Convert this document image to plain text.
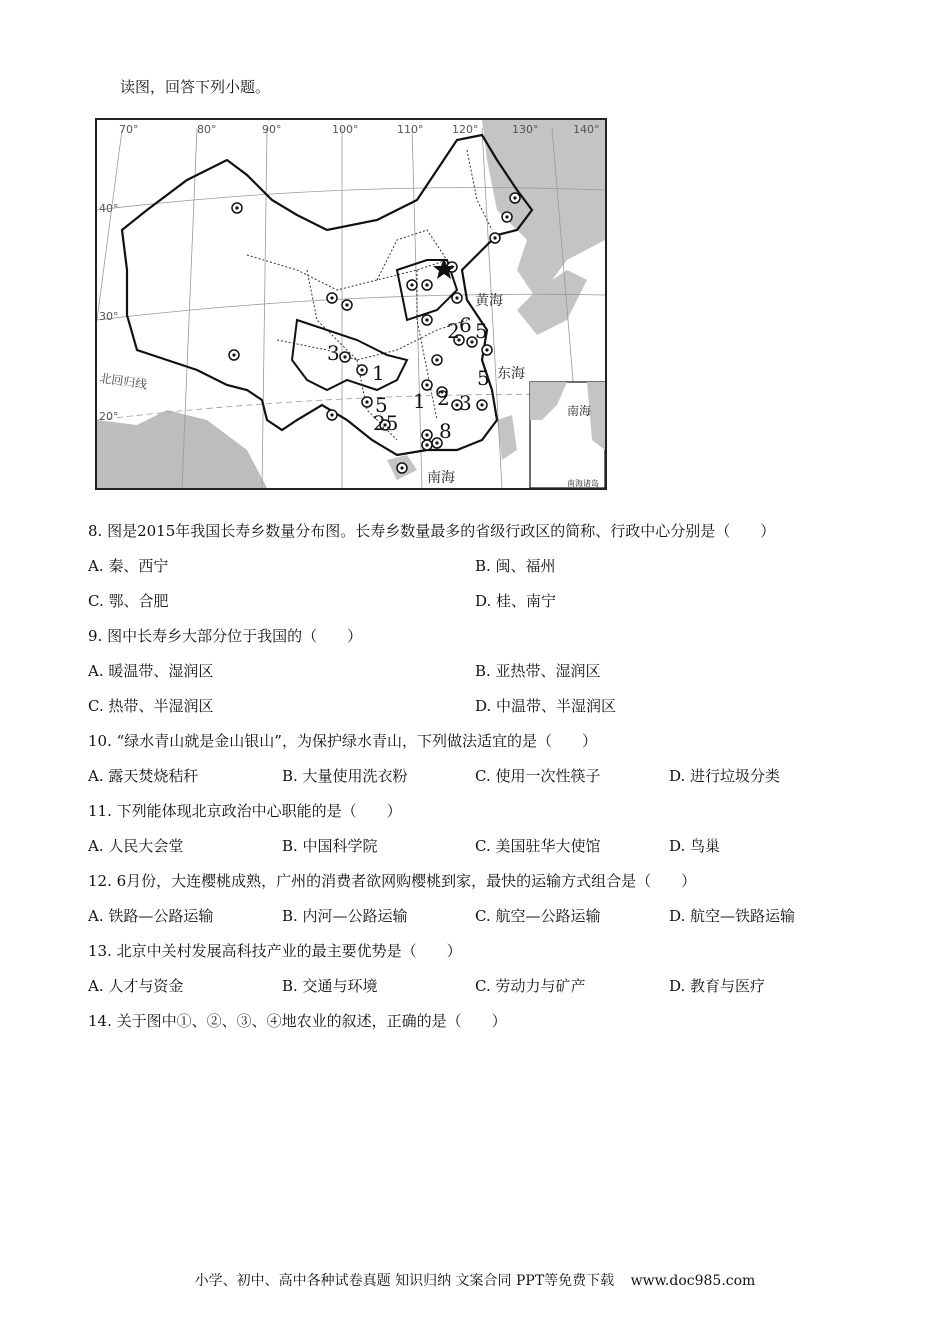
读图，回答下列小题。
70°	80°	90°	100°	110°	120°	130°	140°
40°
30°
20°
北回归线
黄海
东海
南海
南海
南海诸岛
6 5
2
3
1	5
1 2 3
5
25 8
8. 图是2015年我国长寿乡数量分布图。长寿乡数量最多的省级行政区的简称、行政中心分别是（　　）
A. 秦、西宁	B. 闽、福州
C. 鄂、合肥	D. 桂、南宁
9. 图中长寿乡大部分位于我国的（　　）
A. 暖温带、湿润区	B. 亚热带、湿润区
C. 热带、半湿润区	D. 中温带、半湿润区
10. “绿水青山就是金山银山”，为保护绿水青山，下列做法适宜的是（　　）
A. 露天焚烧秸秆	B. 大量使用洗衣粉	C. 使用一次性筷子	D. 进行垃圾分类
11. 下列能体现北京政治中心职能的是（　　）
A. 人民大会堂	B. 中国科学院	C. 美国驻华大使馆	D. 鸟巢
12. 6月份，大连樱桃成熟，广州的消费者欲网购樱桃到家，最快的运输方式组合是（　　）
A. 铁路—公路运输	B. 内河—公路运输	C. 航空—公路运输	D. 航空—铁路运输
13. 北京中关村发展高科技产业的最主要优势是（　　）
A. 人才与资金	B. 交通与环境	C. 劳动力与矿产	D. 教育与医疗
14. 关于图中①、②、③、④地农业的叙述，正确的是（　　）
小学、初中、高中各种试卷真题 知识归纳 文案合同 PPT等免费下载 www.doc985.com
